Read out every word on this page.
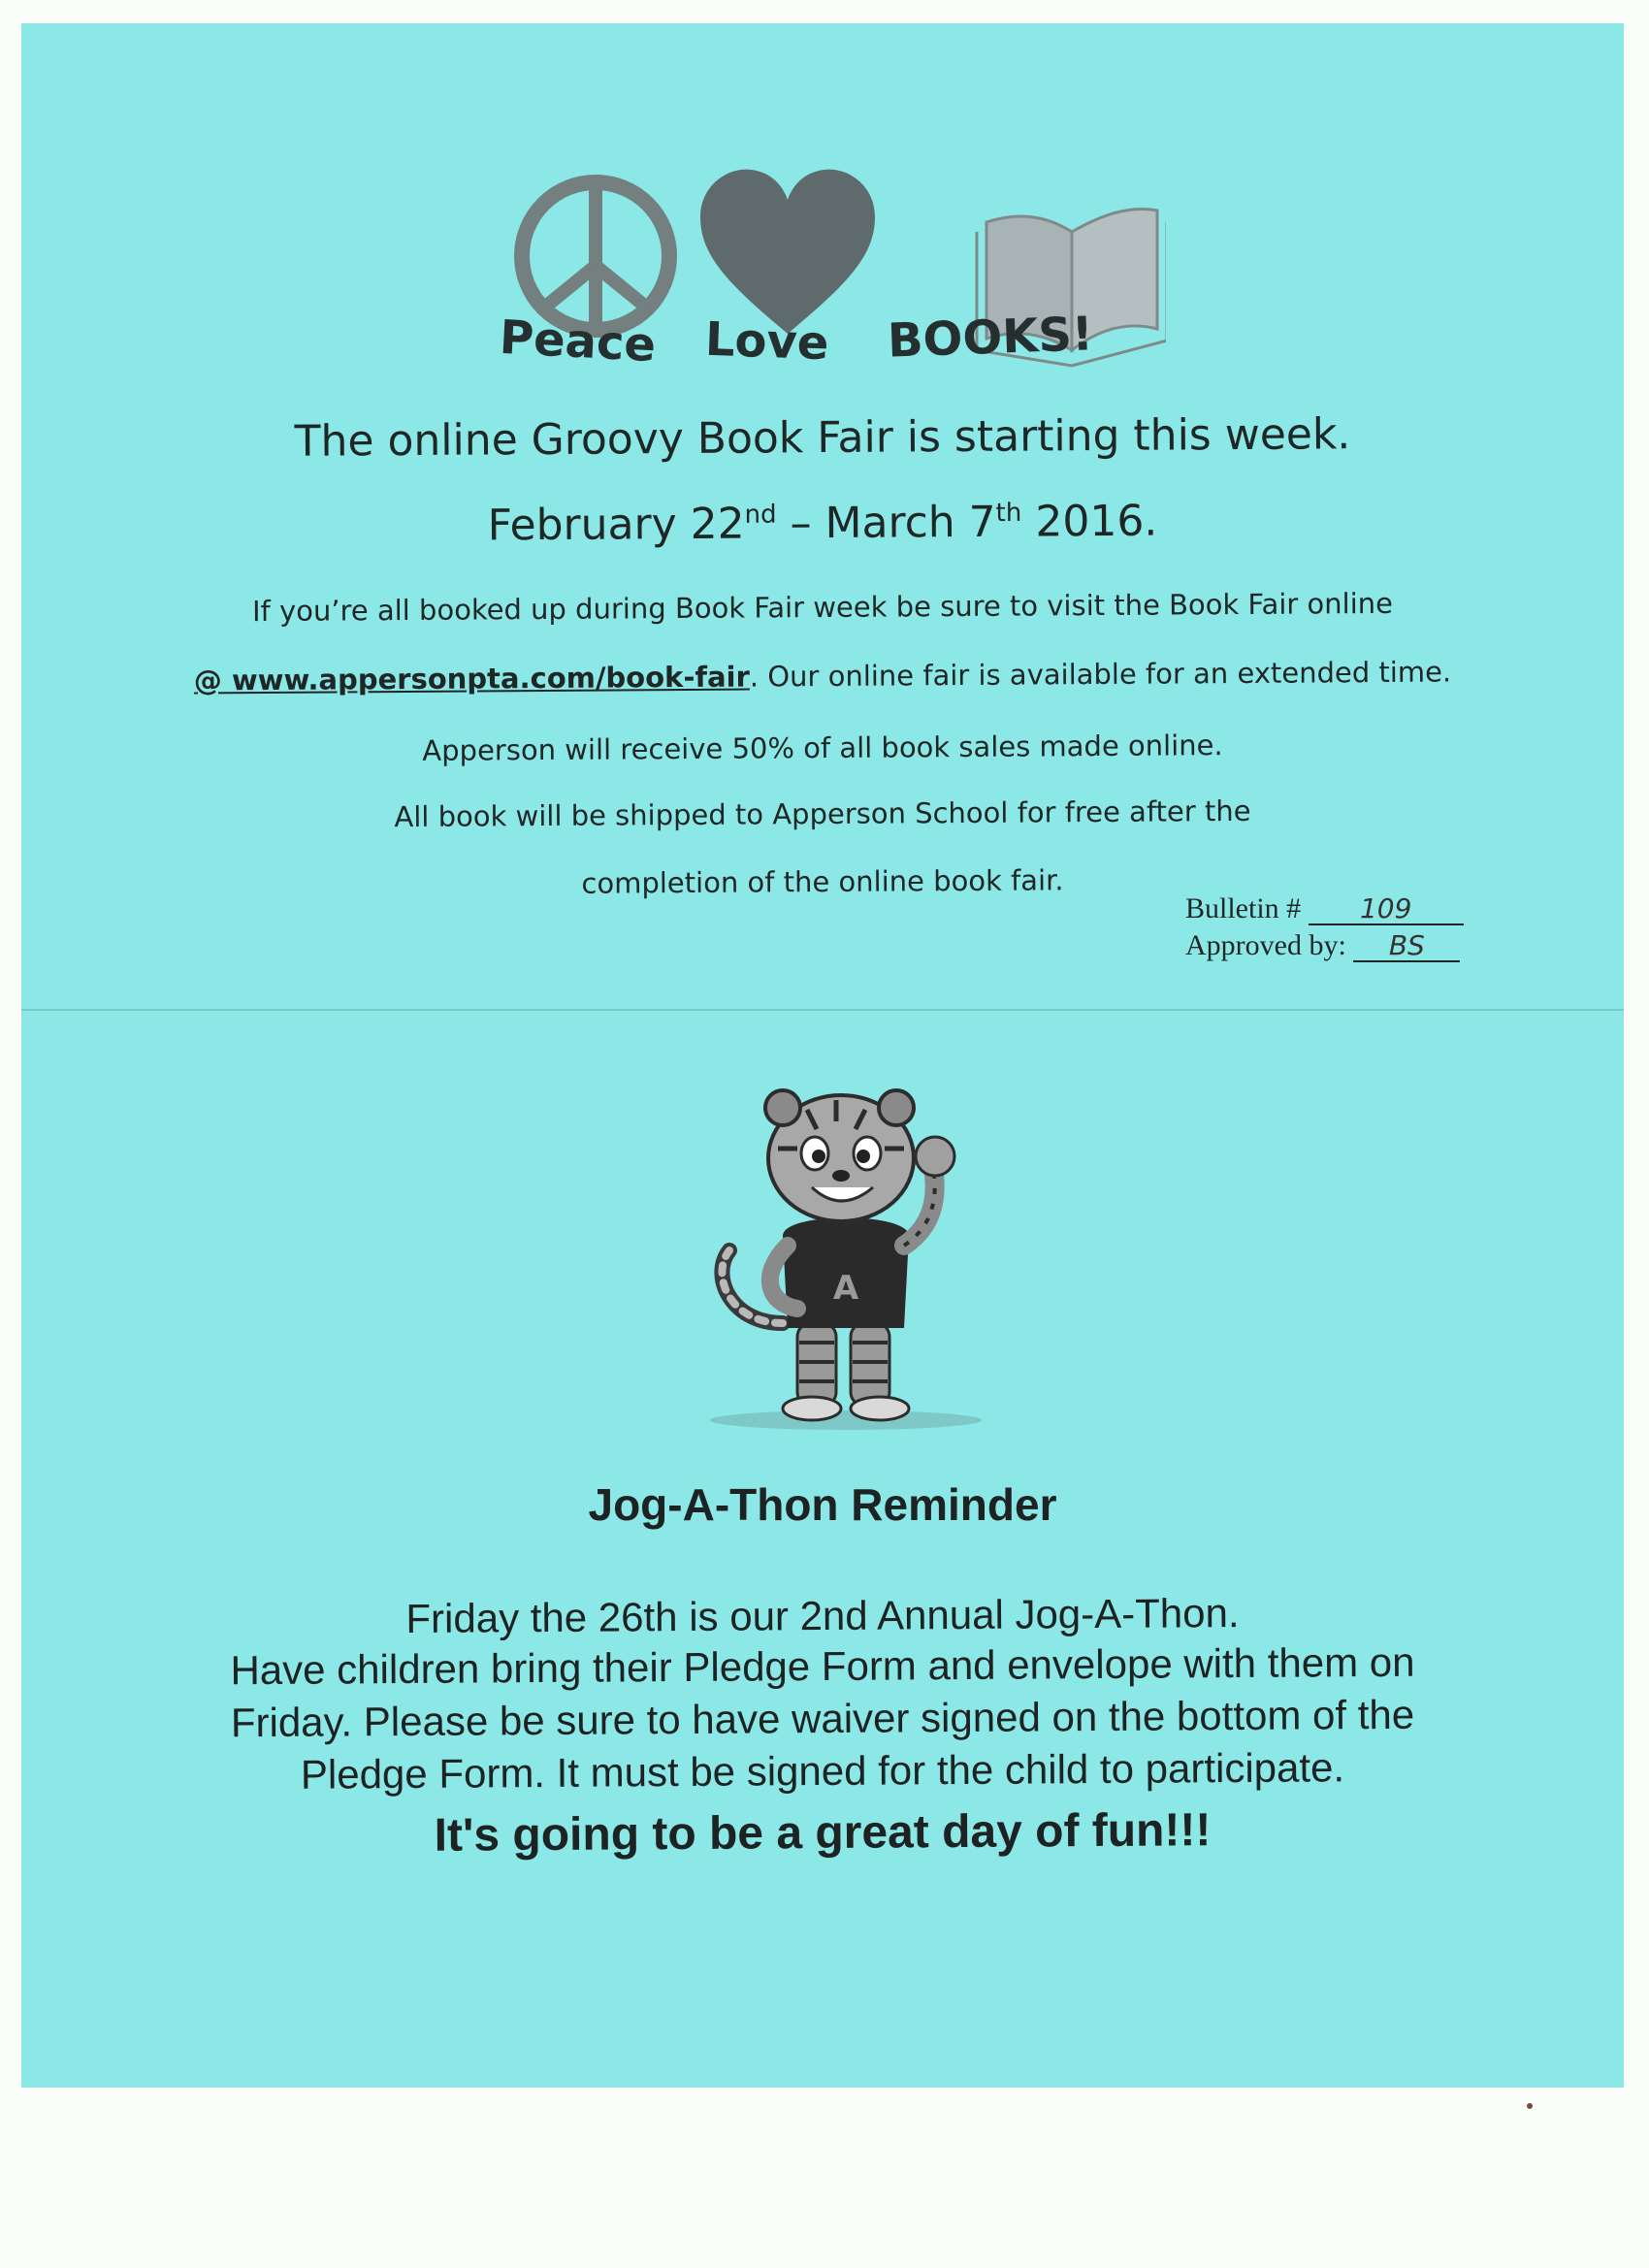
Peace Love BOOKS!
The online Groovy Book Fair is starting this week.
February 22nd – March 7th 2016.
If you’re all booked up during Book Fair week be sure to visit the Book Fair online
@ www.appersonpta.com/book-fair. Our online fair is available for an extended time.
Apperson will receive 50% of all book sales made online.
All book will be shipped to Apperson School for free after the
completion of the online book fair.
Bulletin # 109
Approved by: BS
A
Jog-A-Thon Reminder
Friday the 26th is our 2nd Annual Jog-A-Thon.
Have children bring their Pledge Form and envelope with them on
Friday. Please be sure to have waiver signed on the bottom of the
Pledge Form. It must be signed for the child to participate.
It's going to be a great day of fun!!!
